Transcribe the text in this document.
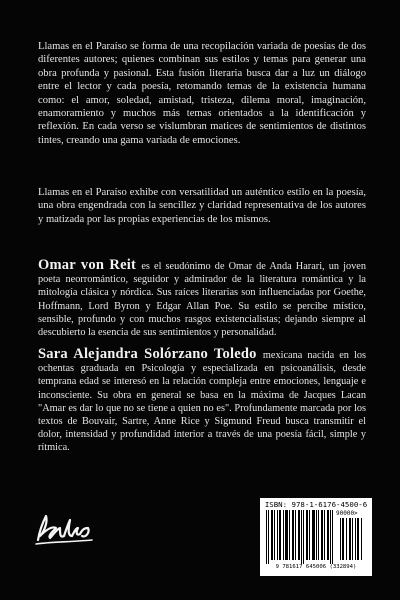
Llamas en el Paraíso se forma de una recopilación variada de poesías de dos diferentes autores; quienes combinan sus estilos y temas para generar una obra profunda y pasional. Esta fusión literaria busca dar a luz un diálogo entre el lector y cada poesía, retomando temas de la existencia humana como: el amor, soledad, amistad, tristeza, dilema moral, imaginación, enamoramiento y muchos más temas orientados a la identificación y reflexión. En cada verso se vislumbran matices de sentimientos de distintos tintes, creando una gama variada de emociones.

Llamas en el Paraíso exhibe con versatilidad un auténtico estilo en la poesía, una obra engendrada con la sencillez y claridad representativa de los autores y matizada por las propias experiencias de los mismos.

Omar von Reit es el seudónimo de Omar de Anda Harari, un joven poeta neorromántico, seguidor y admirador de la literatura romántica y la mitología clásica y nórdica. Sus raíces literarias son influenciadas por Goethe, Hoffmann, Lord Byron y Edgar Allan Poe. Su estilo se percibe místico, sensible, profundo y con muchos rasgos existencialistas; dejando siempre al descubierto la esencia de sus sentimientos y personalidad.

Sara Alejandra Solórzano Toledo mexicana nacida en los ochentas graduada en Psicología y especializada en psicoanálisis, desde temprana edad se interesó en la relación compleja entre emociones, lenguaje e inconsciente. Su obra en general se basa en la máxima de Jacques Lacan "Amar es dar lo que no se tiene a quien no es". Profundamente marcada por los textos de Bouvair, Sartre, Anne Rice y Sigmund Freud busca transmitir el dolor, intensidad y profundidad interior a través de una poesía fácil, simple y rítmica.

ISBN: 978-1-6176-4500-6
90000>
9 781617 645006 (332894)
